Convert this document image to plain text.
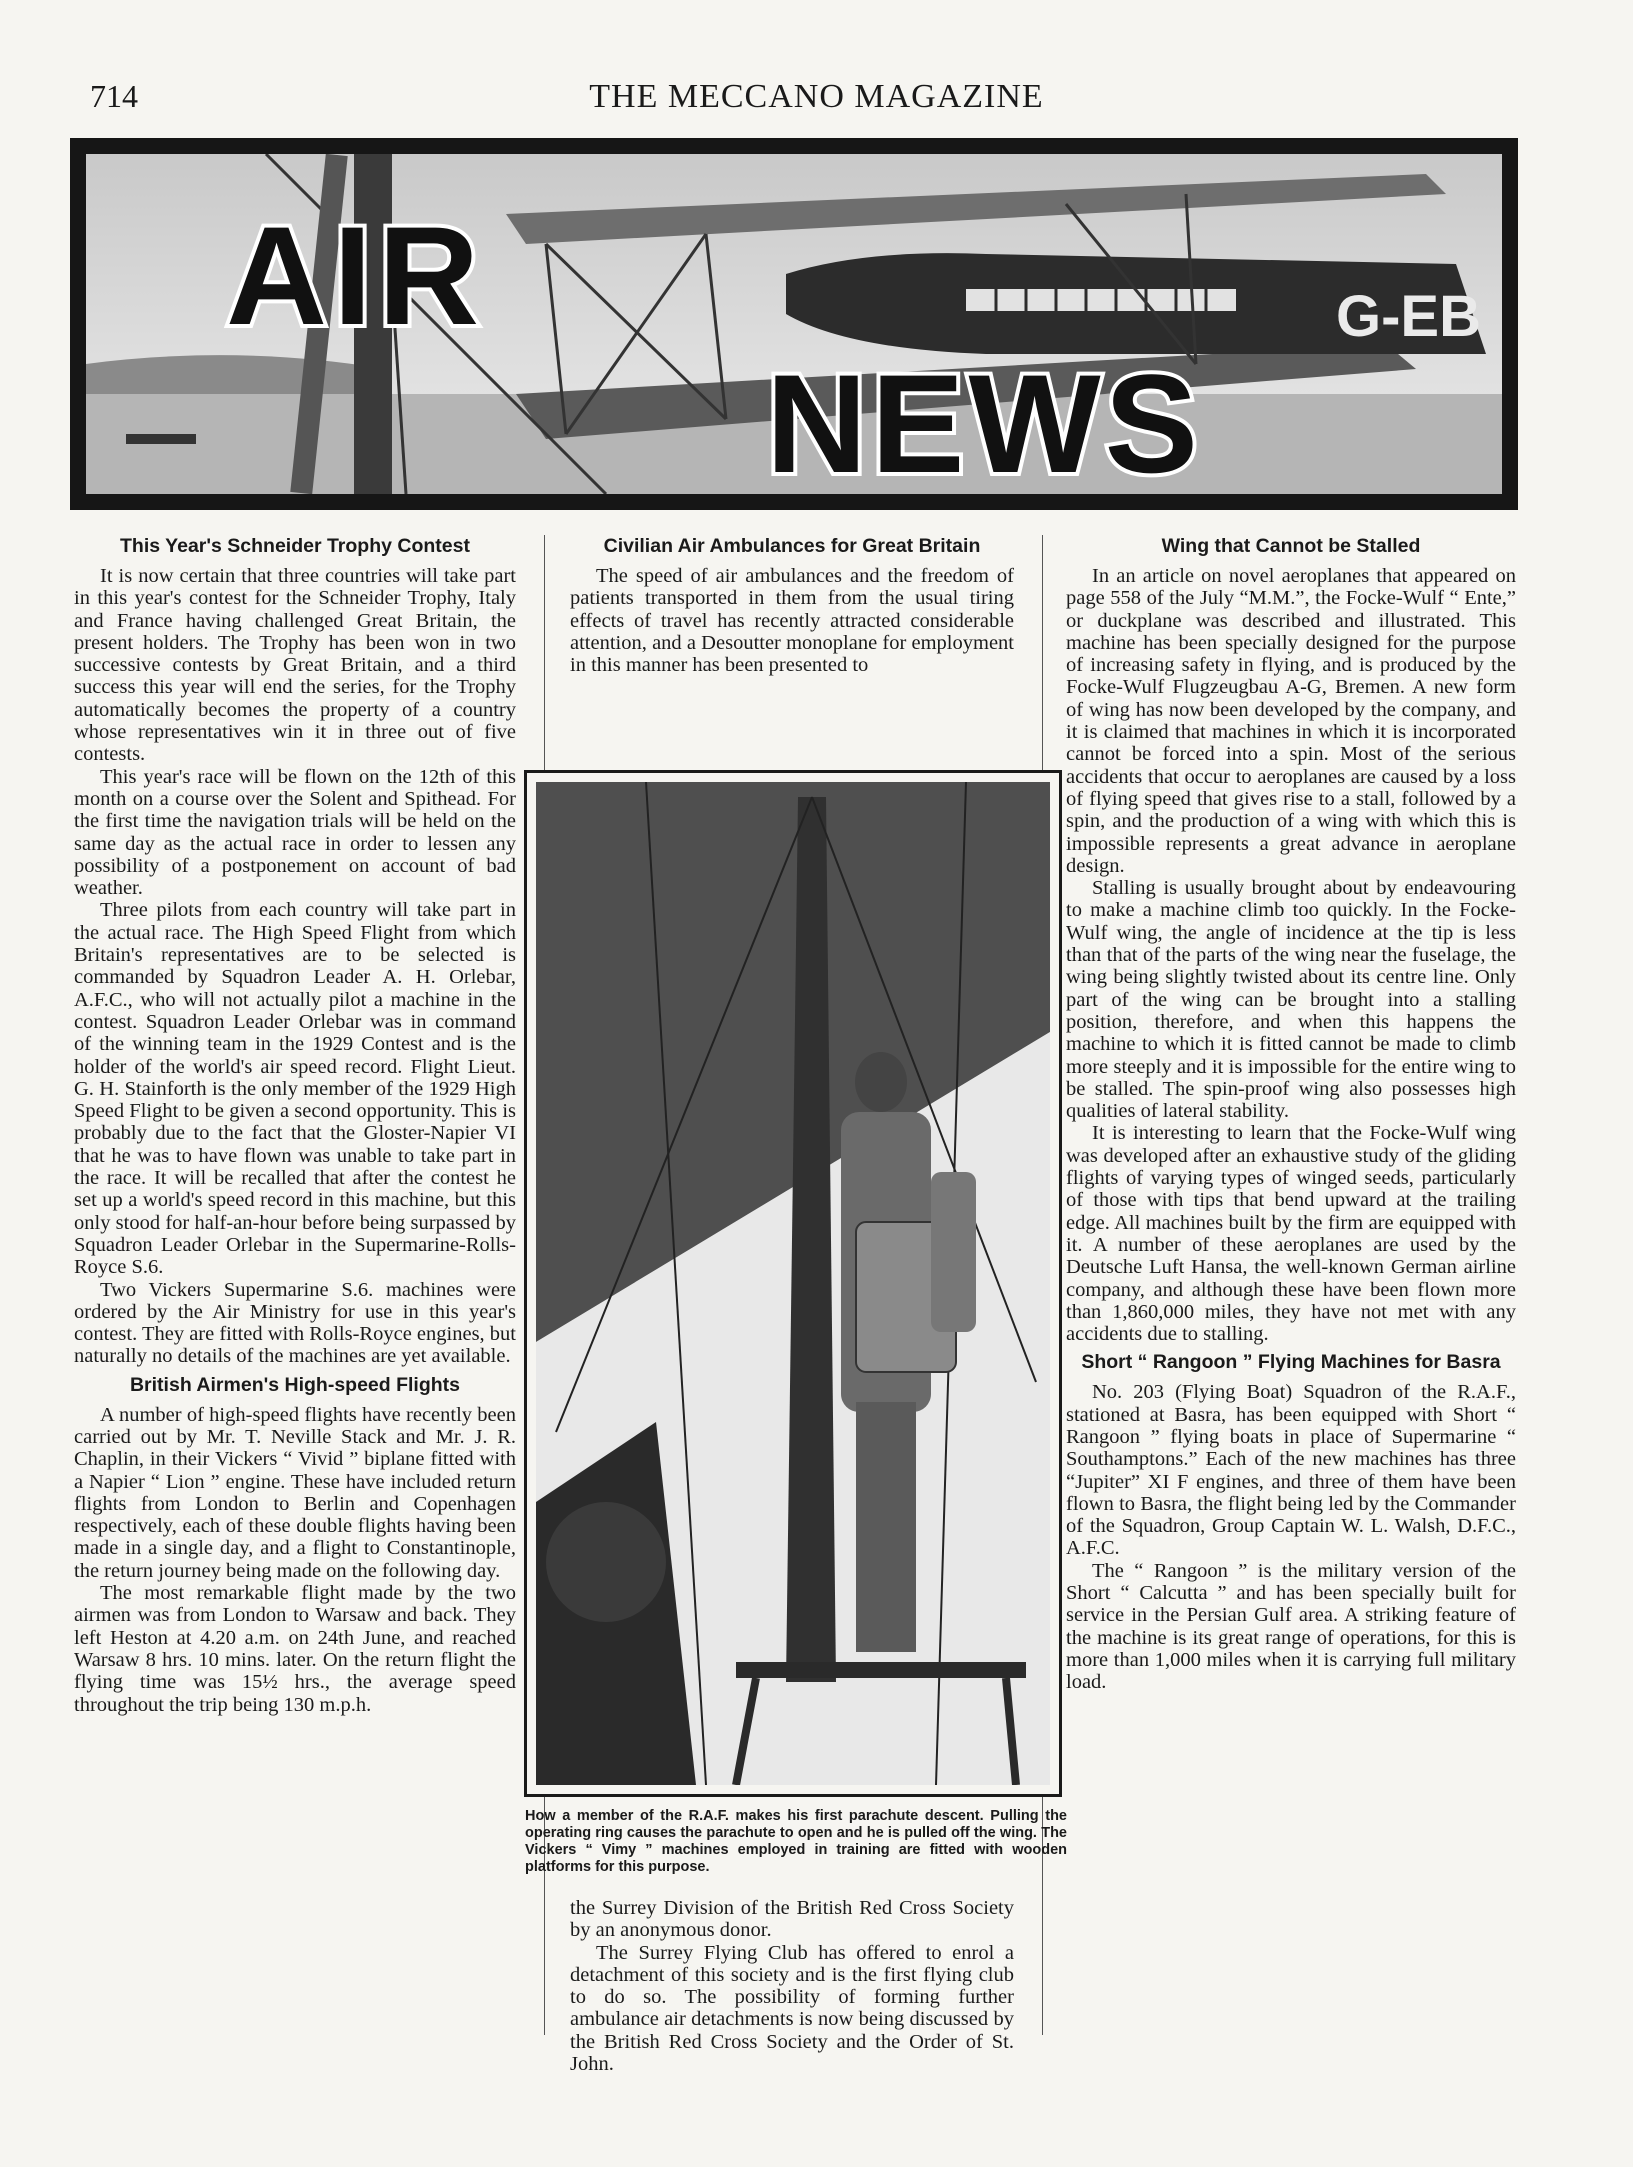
714	THE MECCANO MAGAZINE
G-EB
AIR
NEWS
This Year's Schneider Trophy Contest

It is now certain that three countries will take part in this year's contest for the Schneider Trophy, Italy and France having challenged Great Britain, the present holders. The Trophy has been won in two successive contests by Great Britain, and a third success this year will end the series, for the Trophy automatically becomes the property of a country whose representatives win it in three out of five contests.

This year's race will be flown on the 12th of this month on a course over the Solent and Spithead. For the first time the navigation trials will be held on the same day as the actual race in order to lessen any possibility of a postponement on account of bad weather.

Three pilots from each country will take part in the actual race. The High Speed Flight from which Britain's representatives are to be selected is commanded by Squadron Leader A. H. Orlebar, A.F.C., who will not actually pilot a machine in the contest. Squadron Leader Orlebar was in command of the winning team in the 1929 Contest and is the holder of the world's air speed record. Flight Lieut. G. H. Stainforth is the only member of the 1929 High Speed Flight to be given a second opportunity. This is probably due to the fact that the Gloster-Napier VI that he was to have flown was unable to take part in the race. It will be recalled that after the contest he set up a world's speed record in this machine, but this only stood for half-an-hour before being surpassed by Squadron Leader Orlebar in the Supermarine-Rolls-Royce S.6.

Two Vickers Supermarine S.6. machines were ordered by the Air Ministry for use in this year's contest. They are fitted with Rolls-Royce engines, but naturally no details of the machines are yet available.

British Airmen's High-speed Flights

A number of high-speed flights have recently been carried out by Mr. T. Neville Stack and Mr. J. R. Chaplin, in their Vickers “ Vivid ” biplane fitted with a Napier “ Lion ” engine. These have included return flights from London to Berlin and Copenhagen respectively, each of these double flights having been made in a single day, and a flight to Constantinople, the return journey being made on the following day.

The most remarkable flight made by the two airmen was from London to Warsaw and back. They left Heston at 4.20 a.m. on 24th June, and reached Warsaw 8 hrs. 10 mins. later. On the return flight the flying time was 15½ hrs., the average speed throughout the trip being 130 m.p.h.

Civilian Air Ambulances for Great Britain

The speed of air ambulances and the freedom of patients transported in them from the usual tiring effects of travel has recently attracted considerable attention, and a Desoutter monoplane for employment in this manner has been presented to

How a member of the R.A.F. makes his first parachute descent. Pulling the operating ring causes the parachute to open and he is pulled off the wing. The Vickers “ Vimy ” machines employed in training are fitted with wooden platforms for this purpose.

the Surrey Division of the British Red Cross Society by an anonymous donor.

The Surrey Flying Club has offered to enrol a detachment of this society and is the first flying club to do so. The possibility of forming further ambulance air detachments is now being discussed by the British Red Cross Society and the Order of St. John.

Wing that Cannot be Stalled

In an article on novel aeroplanes that appeared on page 558 of the July “M.M.”, the Focke-Wulf “ Ente,” or duckplane was described and illustrated. This machine has been specially designed for the purpose of increasing safety in flying, and is produced by the Focke-Wulf Flugzeugbau A-G, Bremen. A new form of wing has now been developed by the company, and it is claimed that machines in which it is incorporated cannot be forced into a spin. Most of the serious accidents that occur to aeroplanes are caused by a loss of flying speed that gives rise to a stall, followed by a spin, and the production of a wing with which this is impossible represents a great advance in aeroplane design.

Stalling is usually brought about by endeavouring to make a machine climb too quickly. In the Focke-Wulf wing, the angle of incidence at the tip is less than that of the parts of the wing near the fuselage, the wing being slightly twisted about its centre line. Only part of the wing can be brought into a stalling position, therefore, and when this happens the machine to which it is fitted cannot be made to climb more steeply and it is impossible for the entire wing to be stalled. The spin-proof wing also possesses high qualities of lateral stability.

It is interesting to learn that the Focke-Wulf wing was developed after an exhaustive study of the gliding flights of varying types of winged seeds, particularly of those with tips that bend upward at the trailing edge. All machines built by the firm are equipped with it. A number of these aeroplanes are used by the Deutsche Luft Hansa, the well-known German airline company, and although these have been flown more than 1,860,000 miles, they have not met with any accidents due to stalling.

Short “ Rangoon ” Flying Machines for Basra

No. 203 (Flying Boat) Squadron of the R.A.F., stationed at Basra, has been equipped with Short “ Rangoon ” flying boats in place of Supermarine “ Southamptons.” Each of the new machines has three “Jupiter” XI F engines, and three of them have been flown to Basra, the flight being led by the Commander of the Squadron, Group Captain W. L. Walsh, D.F.C., A.F.C.

The “ Rangoon ” is the military version of the Short “ Calcutta ” and has been specially built for service in the Persian Gulf area. A striking feature of the machine is its great range of operations, for this is more than 1,000 miles when it is carrying full military load.
